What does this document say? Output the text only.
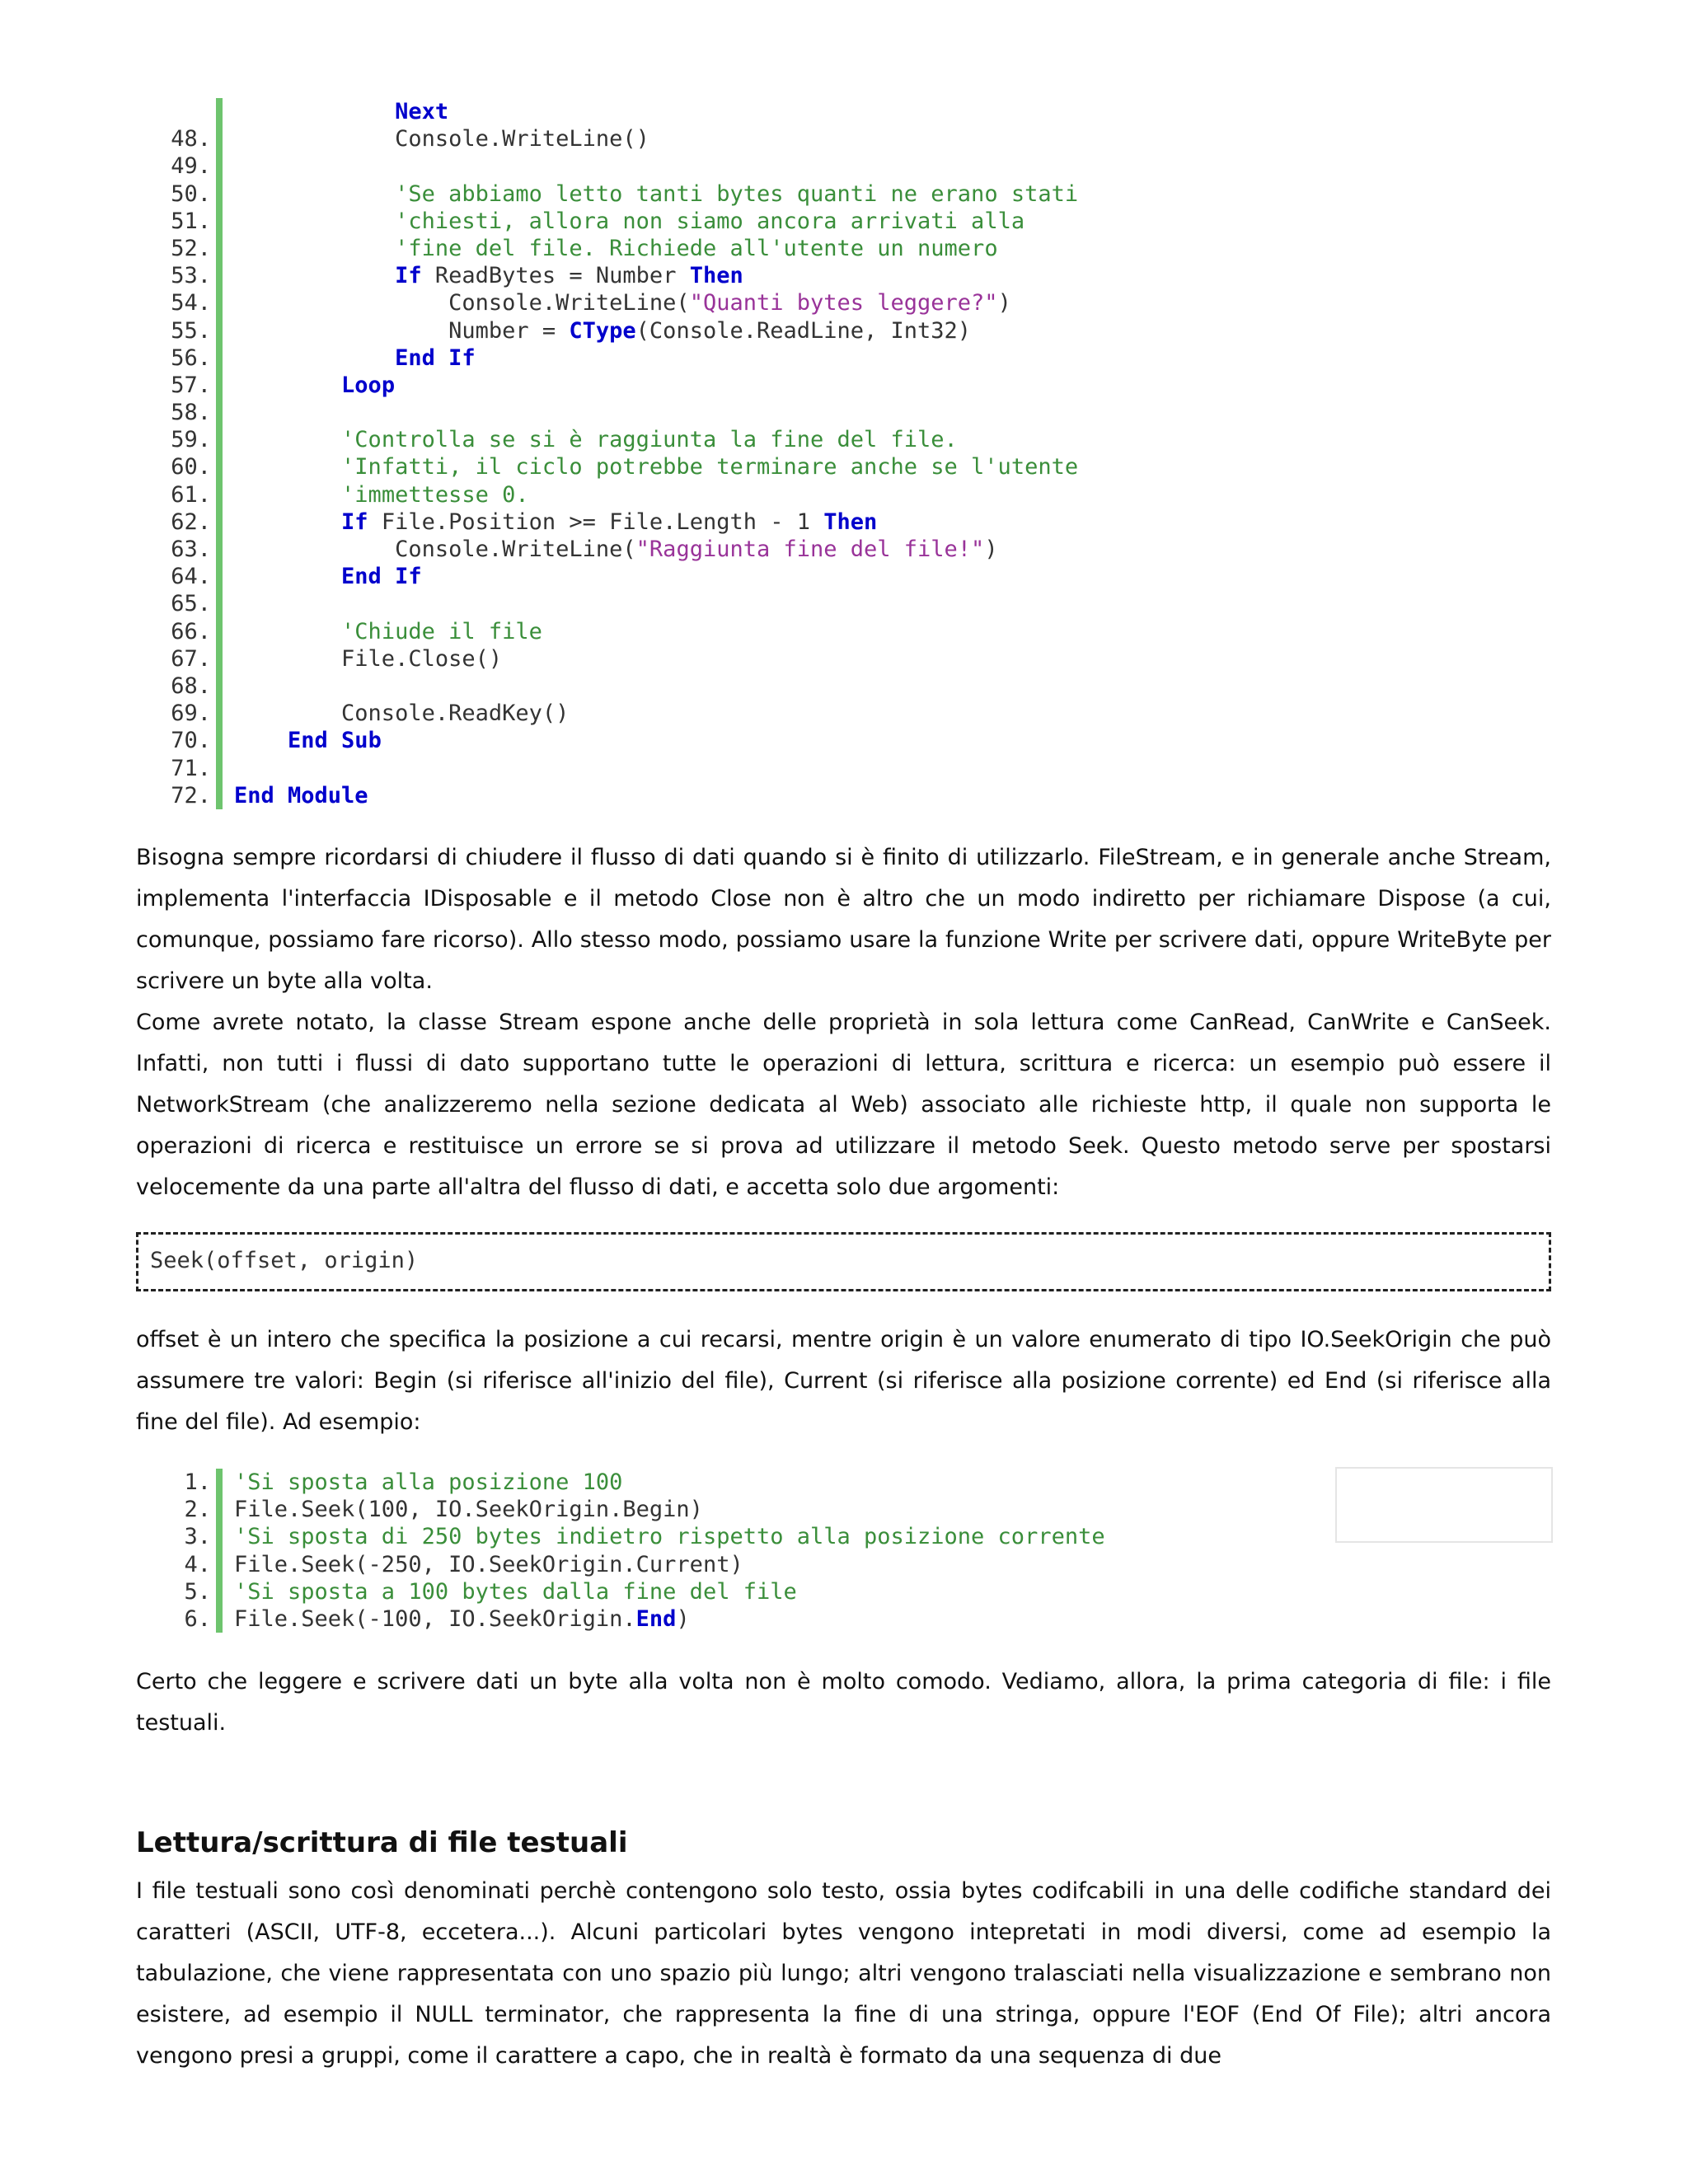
Next
48.	Console.WriteLine()
49.
50.	'Se abbiamo letto tanti bytes quanti ne erano stati
51.	'chiesti, allora non siamo ancora arrivati alla
52.	'fine del file. Richiede all'utente un numero
53.	If ReadBytes = Number Then
54.	Console.WriteLine("Quanti bytes leggere?")
55.	Number = CType(Console.ReadLine, Int32)
56.	End If
57.	Loop
58.
59.	'Controlla se si è raggiunta la fine del file.
60.	'Infatti, il ciclo potrebbe terminare anche se l'utente
61.	'immettesse 0.
62.	If File.Position >= File.Length - 1 Then
63.	Console.WriteLine("Raggiunta fine del file!")
64.	End If
65.
66.	'Chiude il file
67.	File.Close()
68.
69.	Console.ReadKey()
70.	End Sub
71.
72.	End Module

Bisogna sempre ricordarsi di chiudere il flusso di dati quando si è finito di utilizzarlo. FileStream, e in generale anche Stream, implementa l'interfaccia IDisposable e il metodo Close non è altro che un modo indiretto per richiamare Dispose (a cui, comunque, possiamo fare ricorso). Allo stesso modo, possiamo usare la funzione Write per scrivere dati, oppure WriteByte per scrivere un byte alla volta.

Come avrete notato, la classe Stream espone anche delle proprietà in sola lettura come CanRead, CanWrite e CanSeek. Infatti, non tutti i flussi di dato supportano tutte le operazioni di lettura, scrittura e ricerca: un esempio può essere il NetworkStream (che analizzeremo nella sezione dedicata al Web) associato alle richieste http, il quale non supporta le operazioni di ricerca e restituisce un errore se si prova ad utilizzare il metodo Seek. Questo metodo serve per spostarsi velocemente da una parte all'altra del flusso di dati, e accetta solo due argomenti:

Seek(offset, origin)

offset è un intero che specifica la posizione a cui recarsi, mentre origin è un valore enumerato di tipo IO.SeekOrigin che può assumere tre valori: Begin (si riferisce all'inizio del file), Current (si riferisce alla posizione corrente) ed End (si riferisce alla fine del file). Ad esempio:

1.	'Si sposta alla posizione 100
2.	File.Seek(100, IO.SeekOrigin.Begin)
3.	'Si sposta di 250 bytes indietro rispetto alla posizione corrente
4.	File.Seek(-250, IO.SeekOrigin.Current)
5.	'Si sposta a 100 bytes dalla fine del file
6.	File.Seek(-100, IO.SeekOrigin.End)

Certo che leggere e scrivere dati un byte alla volta non è molto comodo. Vediamo, allora, la prima categoria di file: i file testuali.

Lettura/scrittura di file testuali

I file testuali sono così denominati perchè contengono solo testo, ossia bytes codifcabili in una delle codifiche standard dei caratteri (ASCII, UTF-8, eccetera...). Alcuni particolari bytes vengono intepretati in modi diversi, come ad esempio la tabulazione, che viene rappresentata con uno spazio più lungo; altri vengono tralasciati nella visualizzazione e sembrano non esistere, ad esempio il NULL terminator, che rappresenta la fine di una stringa, oppure l'EOF (End Of File); altri ancora vengono presi a gruppi, come il carattere a capo, che in realtà è formato da una sequenza di due
